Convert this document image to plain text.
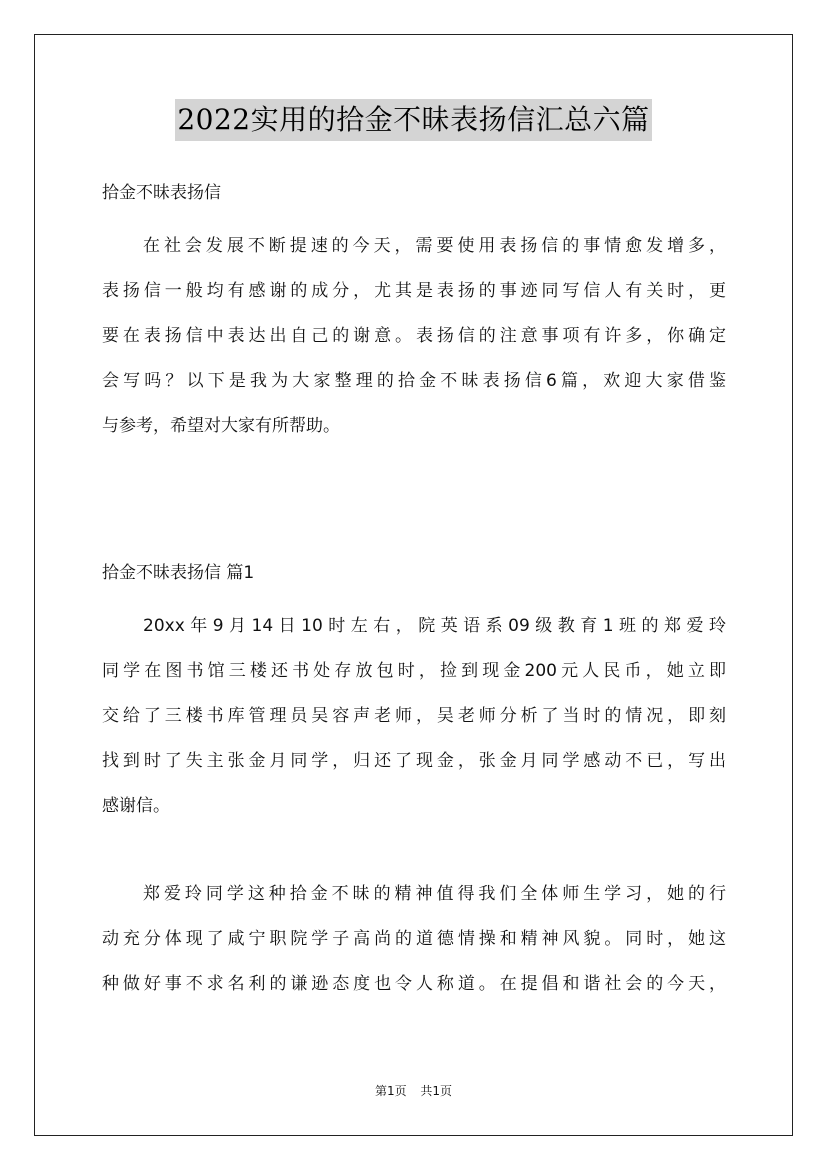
2022实用的拾金不昧表扬信汇总六篇
拾金不昧表扬信
在社会发展不断提速的今天，需要使用表扬信的事情愈发增多，
表扬信一般均有感谢的成分，尤其是表扬的事迹同写信人有关时，更
要在表扬信中表达出自己的谢意。表扬信的注意事项有许多，你确定
会写吗？以下是我为大家整理的拾金不昧表扬信6篇，欢迎大家借鉴
与参考，希望对大家有所帮助。
拾金不昧表扬信 篇1
20xx年9月14日10时左右，院英语系09级教育1班的郑爱玲
同学在图书馆三楼还书处存放包时，捡到现金200元人民币，她立即
交给了三楼书库管理员吴容声老师，吴老师分析了当时的情况，即刻
找到时了失主张金月同学，归还了现金，张金月同学感动不已，写出
感谢信。
郑爱玲同学这种拾金不昧的精神值得我们全体师生学习，她的行
动充分体现了咸宁职院学子高尚的道德情操和精神风貌。同时，她这
种做好事不求名利的谦逊态度也令人称道。在提倡和谐社会的今天，
第1页 共1页
